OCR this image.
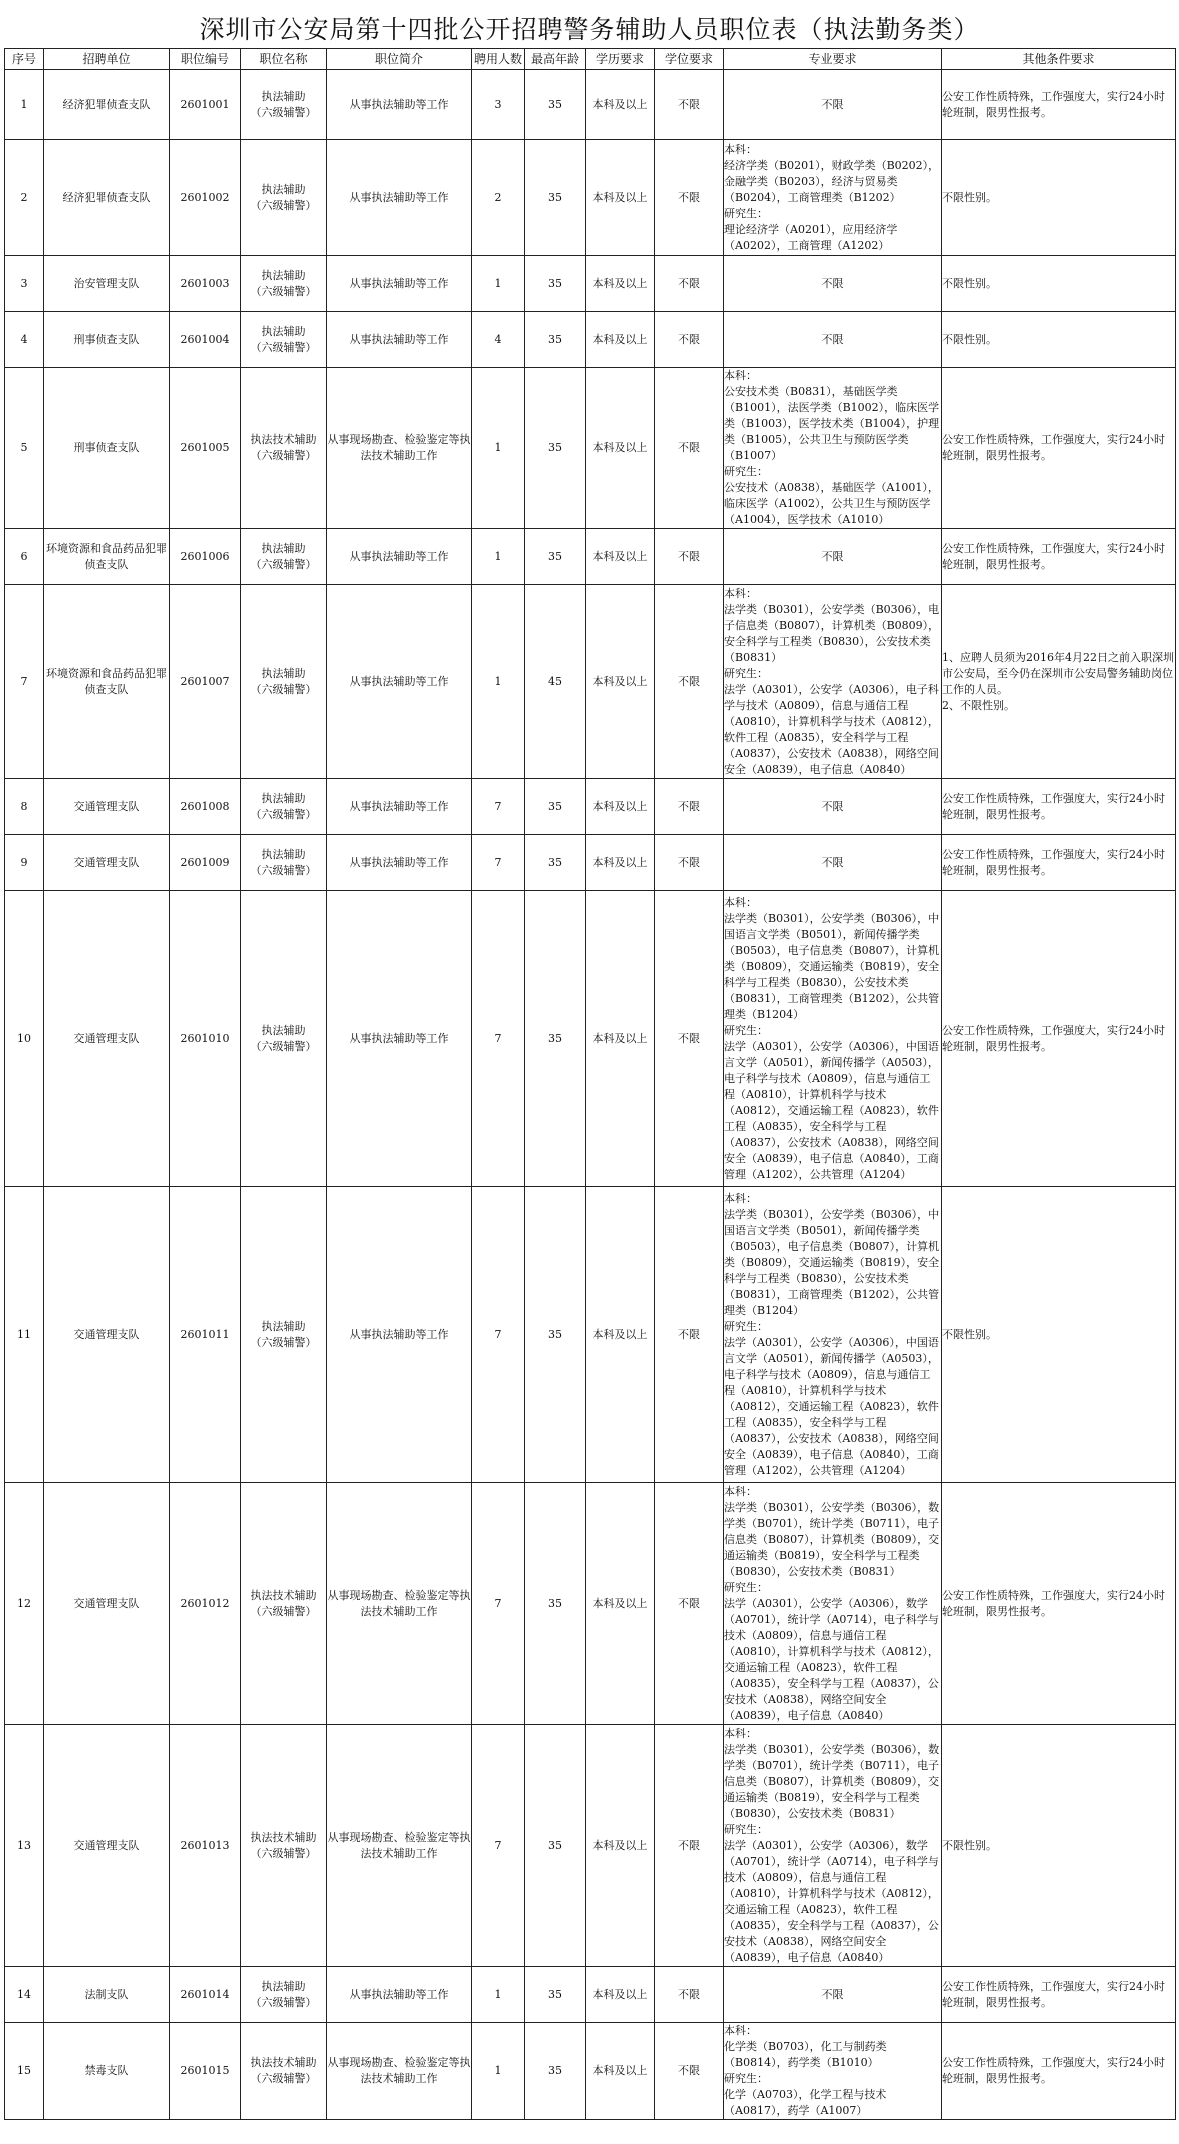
深圳市公安局第十四批公开招聘警务辅助人员职位表（执法勤务类）
序号	招聘单位	职位编号	职位名称	职位简介	聘用人数	最高年龄	学历要求	学位要求	专业要求	其他条件要求
1	经济犯罪侦查支队	2601001	执法辅助
（六级辅警）	从事执法辅助等工作	3	35	本科及以上	不限	不限	公安工作性质特殊，工作强度大，实行24小时轮班制，限男性报考。
2	经济犯罪侦查支队	2601002	执法辅助
（六级辅警）	从事执法辅助等工作	2	35	本科及以上	不限	本科：
经济学类（B0201），财政学类（B0202），金融学类（B0203），经济与贸易类（B0204），工商管理类（B1202）
研究生：
理论经济学（A0201），应用经济学（A0202），工商管理（A1202）	不限性别。
3	治安管理支队	2601003	执法辅助
（六级辅警）	从事执法辅助等工作	1	35	本科及以上	不限	不限	不限性别。
4	刑事侦查支队	2601004	执法辅助
（六级辅警）	从事执法辅助等工作	4	35	本科及以上	不限	不限	不限性别。
5	刑事侦查支队	2601005	执法技术辅助
（六级辅警）	从事现场勘查、检验鉴定等执法技术辅助工作	1	35	本科及以上	不限	本科：
公安技术类（B0831），基础医学类（B1001），法医学类（B1002），临床医学类（B1003），医学技术类（B1004），护理类（B1005），公共卫生与预防医学类（B1007）
研究生：
公安技术（A0838），基础医学（A1001），临床医学（A1002），公共卫生与预防医学（A1004），医学技术（A1010）	公安工作性质特殊，工作强度大，实行24小时轮班制，限男性报考。
6	环境资源和食品药品犯罪侦查支队	2601006	执法辅助
（六级辅警）	从事执法辅助等工作	1	35	本科及以上	不限	不限	公安工作性质特殊，工作强度大，实行24小时轮班制，限男性报考。
7	环境资源和食品药品犯罪侦查支队	2601007	执法辅助
（六级辅警）	从事执法辅助等工作	1	45	本科及以上	不限	本科：
法学类（B0301），公安学类（B0306），电子信息类（B0807），计算机类（B0809），安全科学与工程类（B0830），公安技术类（B0831）
研究生：
法学（A0301），公安学（A0306），电子科学与技术（A0809），信息与通信工程（A0810），计算机科学与技术（A0812），软件工程（A0835），安全科学与工程（A0837），公安技术（A0838），网络空间安全（A0839），电子信息（A0840）	1、应聘人员须为2016年4月22日之前入职深圳市公安局，至今仍在深圳市公安局警务辅助岗位工作的人员。
2、不限性别。
8	交通管理支队	2601008	执法辅助
（六级辅警）	从事执法辅助等工作	7	35	本科及以上	不限	不限	公安工作性质特殊，工作强度大，实行24小时轮班制，限男性报考。
9	交通管理支队	2601009	执法辅助
（六级辅警）	从事执法辅助等工作	7	35	本科及以上	不限	不限	公安工作性质特殊，工作强度大，实行24小时轮班制，限男性报考。
10	交通管理支队	2601010	执法辅助
（六级辅警）	从事执法辅助等工作	7	35	本科及以上	不限	本科：
法学类（B0301），公安学类（B0306），中国语言文学类（B0501），新闻传播学类（B0503），电子信息类（B0807），计算机类（B0809），交通运输类（B0819），安全科学与工程类（B0830），公安技术类（B0831），工商管理类（B1202），公共管理类（B1204）
研究生：
法学（A0301），公安学（A0306），中国语言文学（A0501），新闻传播学（A0503），电子科学与技术（A0809），信息与通信工程（A0810），计算机科学与技术（A0812），交通运输工程（A0823），软件工程（A0835），安全科学与工程（A0837），公安技术（A0838），网络空间安全（A0839），电子信息（A0840），工商管理（A1202），公共管理（A1204）	公安工作性质特殊，工作强度大，实行24小时轮班制，限男性报考。
11	交通管理支队	2601011	执法辅助
（六级辅警）	从事执法辅助等工作	7	35	本科及以上	不限	本科：
法学类（B0301），公安学类（B0306），中国语言文学类（B0501），新闻传播学类（B0503），电子信息类（B0807），计算机类（B0809），交通运输类（B0819），安全科学与工程类（B0830），公安技术类（B0831），工商管理类（B1202），公共管理类（B1204）
研究生：
法学（A0301），公安学（A0306），中国语言文学（A0501），新闻传播学（A0503），电子科学与技术（A0809），信息与通信工程（A0810），计算机科学与技术（A0812），交通运输工程（A0823），软件工程（A0835），安全科学与工程（A0837），公安技术（A0838），网络空间安全（A0839），电子信息（A0840），工商管理（A1202），公共管理（A1204）	不限性别。
12	交通管理支队	2601012	执法技术辅助
（六级辅警）	从事现场勘查、检验鉴定等执法技术辅助工作	7	35	本科及以上	不限	本科：
法学类（B0301），公安学类（B0306），数学类（B0701），统计学类（B0711），电子信息类（B0807），计算机类（B0809），交通运输类（B0819），安全科学与工程类（B0830），公安技术类（B0831）
研究生：
法学（A0301），公安学（A0306），数学（A0701），统计学（A0714），电子科学与技术（A0809），信息与通信工程（A0810），计算机科学与技术（A0812），交通运输工程（A0823），软件工程（A0835），安全科学与工程（A0837），公安技术（A0838），网络空间安全（A0839），电子信息（A0840）	公安工作性质特殊，工作强度大，实行24小时轮班制，限男性报考。
13	交通管理支队	2601013	执法技术辅助
（六级辅警）	从事现场勘查、检验鉴定等执法技术辅助工作	7	35	本科及以上	不限	本科：
法学类（B0301），公安学类（B0306），数学类（B0701），统计学类（B0711），电子信息类（B0807），计算机类（B0809），交通运输类（B0819），安全科学与工程类（B0830），公安技术类（B0831）
研究生：
法学（A0301），公安学（A0306），数学（A0701），统计学（A0714），电子科学与技术（A0809），信息与通信工程（A0810），计算机科学与技术（A0812），交通运输工程（A0823），软件工程（A0835），安全科学与工程（A0837），公安技术（A0838），网络空间安全（A0839），电子信息（A0840）	不限性别。
14	法制支队	2601014	执法辅助
（六级辅警）	从事执法辅助等工作	1	35	本科及以上	不限	不限	公安工作性质特殊，工作强度大，实行24小时轮班制，限男性报考。
15	禁毒支队	2601015	执法技术辅助
（六级辅警）	从事现场勘查、检验鉴定等执法技术辅助工作	1	35	本科及以上	不限	本科：
化学类（B0703），化工与制药类（B0814），药学类（B1010）
研究生：
化学（A0703），化学工程与技术（A0817），药学（A1007）	公安工作性质特殊，工作强度大，实行24小时轮班制，限男性报考。
